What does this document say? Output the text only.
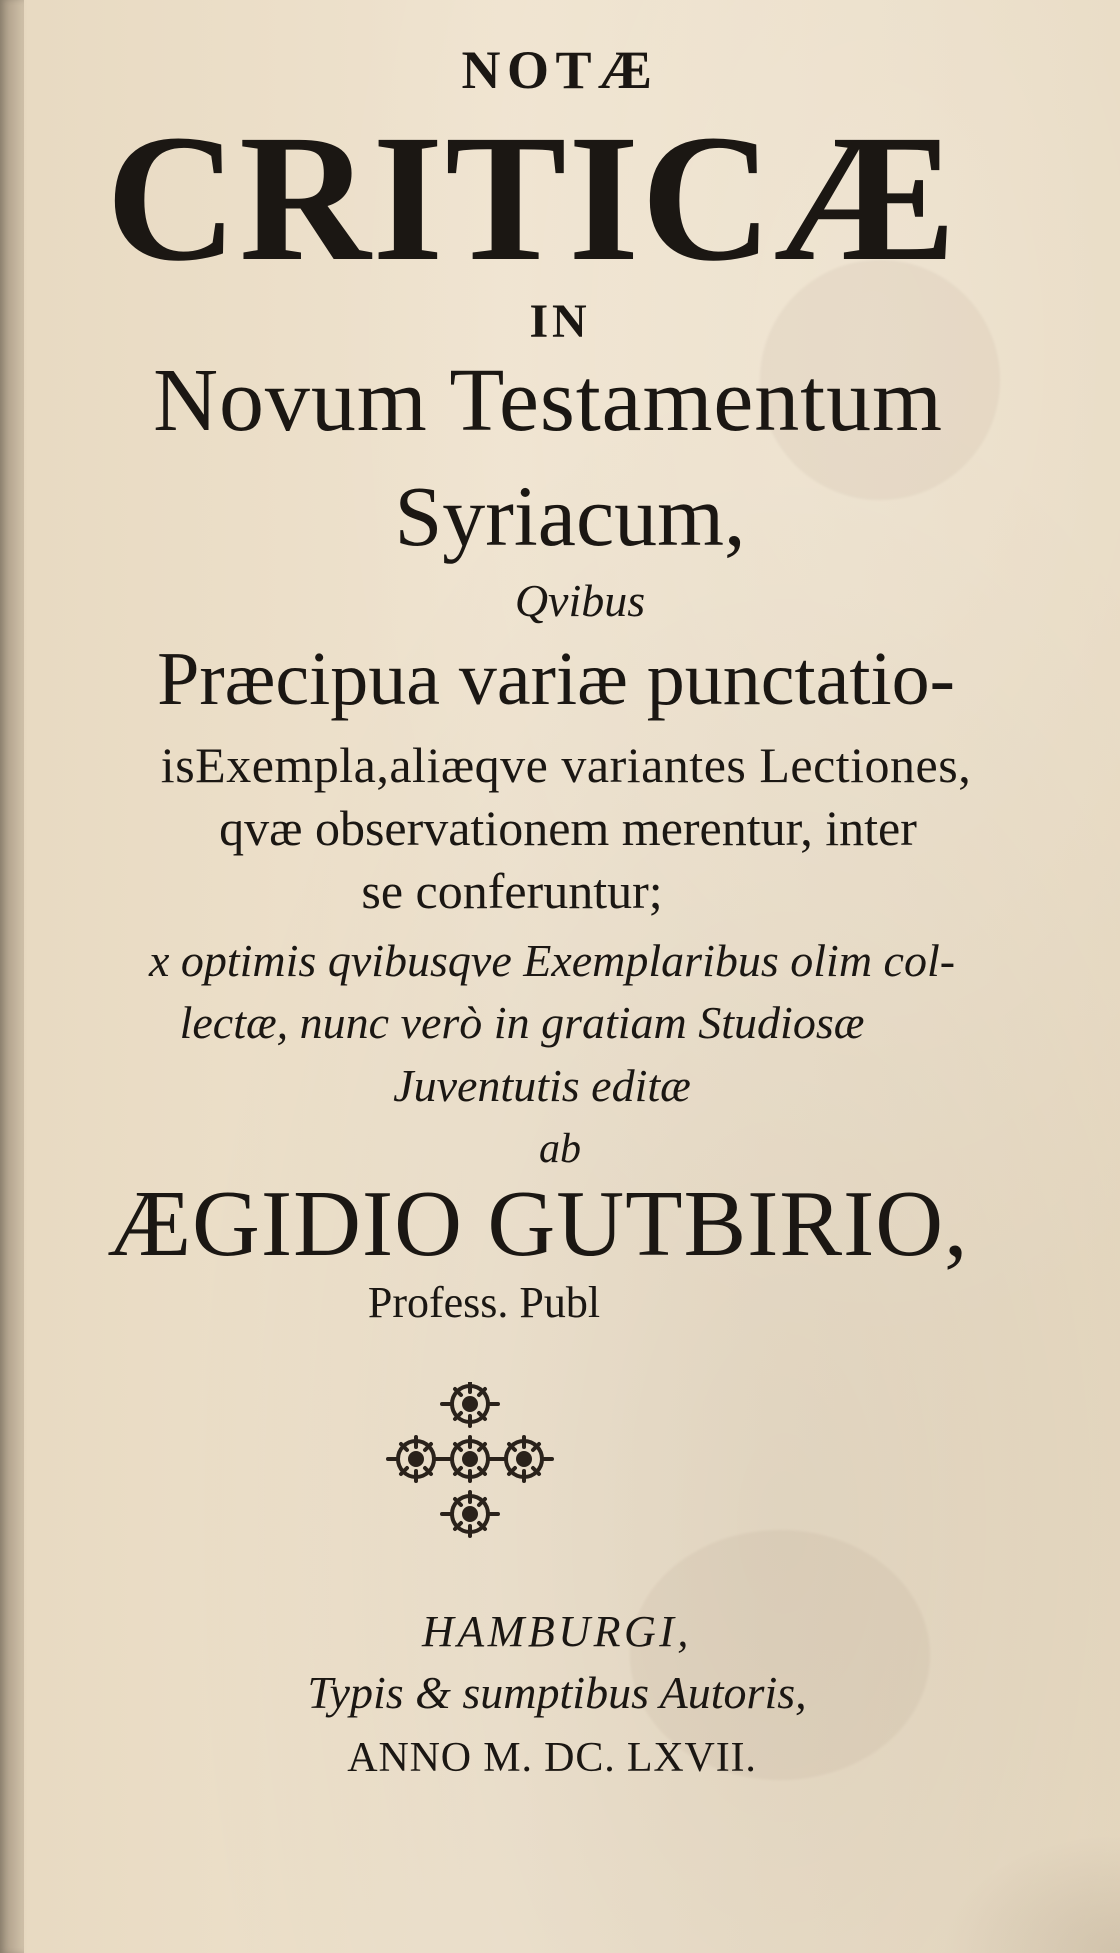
NOTÆ
CRITICÆ
IN
Novum Testamentum
Syriacum,
Qvibus
Præcipua variæ punctatio-
isExempla,aliæqve variantes Lectiones,
qvæ observationem merentur, inter
se conferuntur;
x optimis qvibusqve Exemplaribus olim col-
lectæ, nunc verò in gratiam Studiosæ
Juventutis editæ
ab
ÆGIDIO GUTBIRIO,
Profess. Publ
HAMBURGI,
Typis & sumptibus Autoris,
ANNO M. DC. LXVII.
